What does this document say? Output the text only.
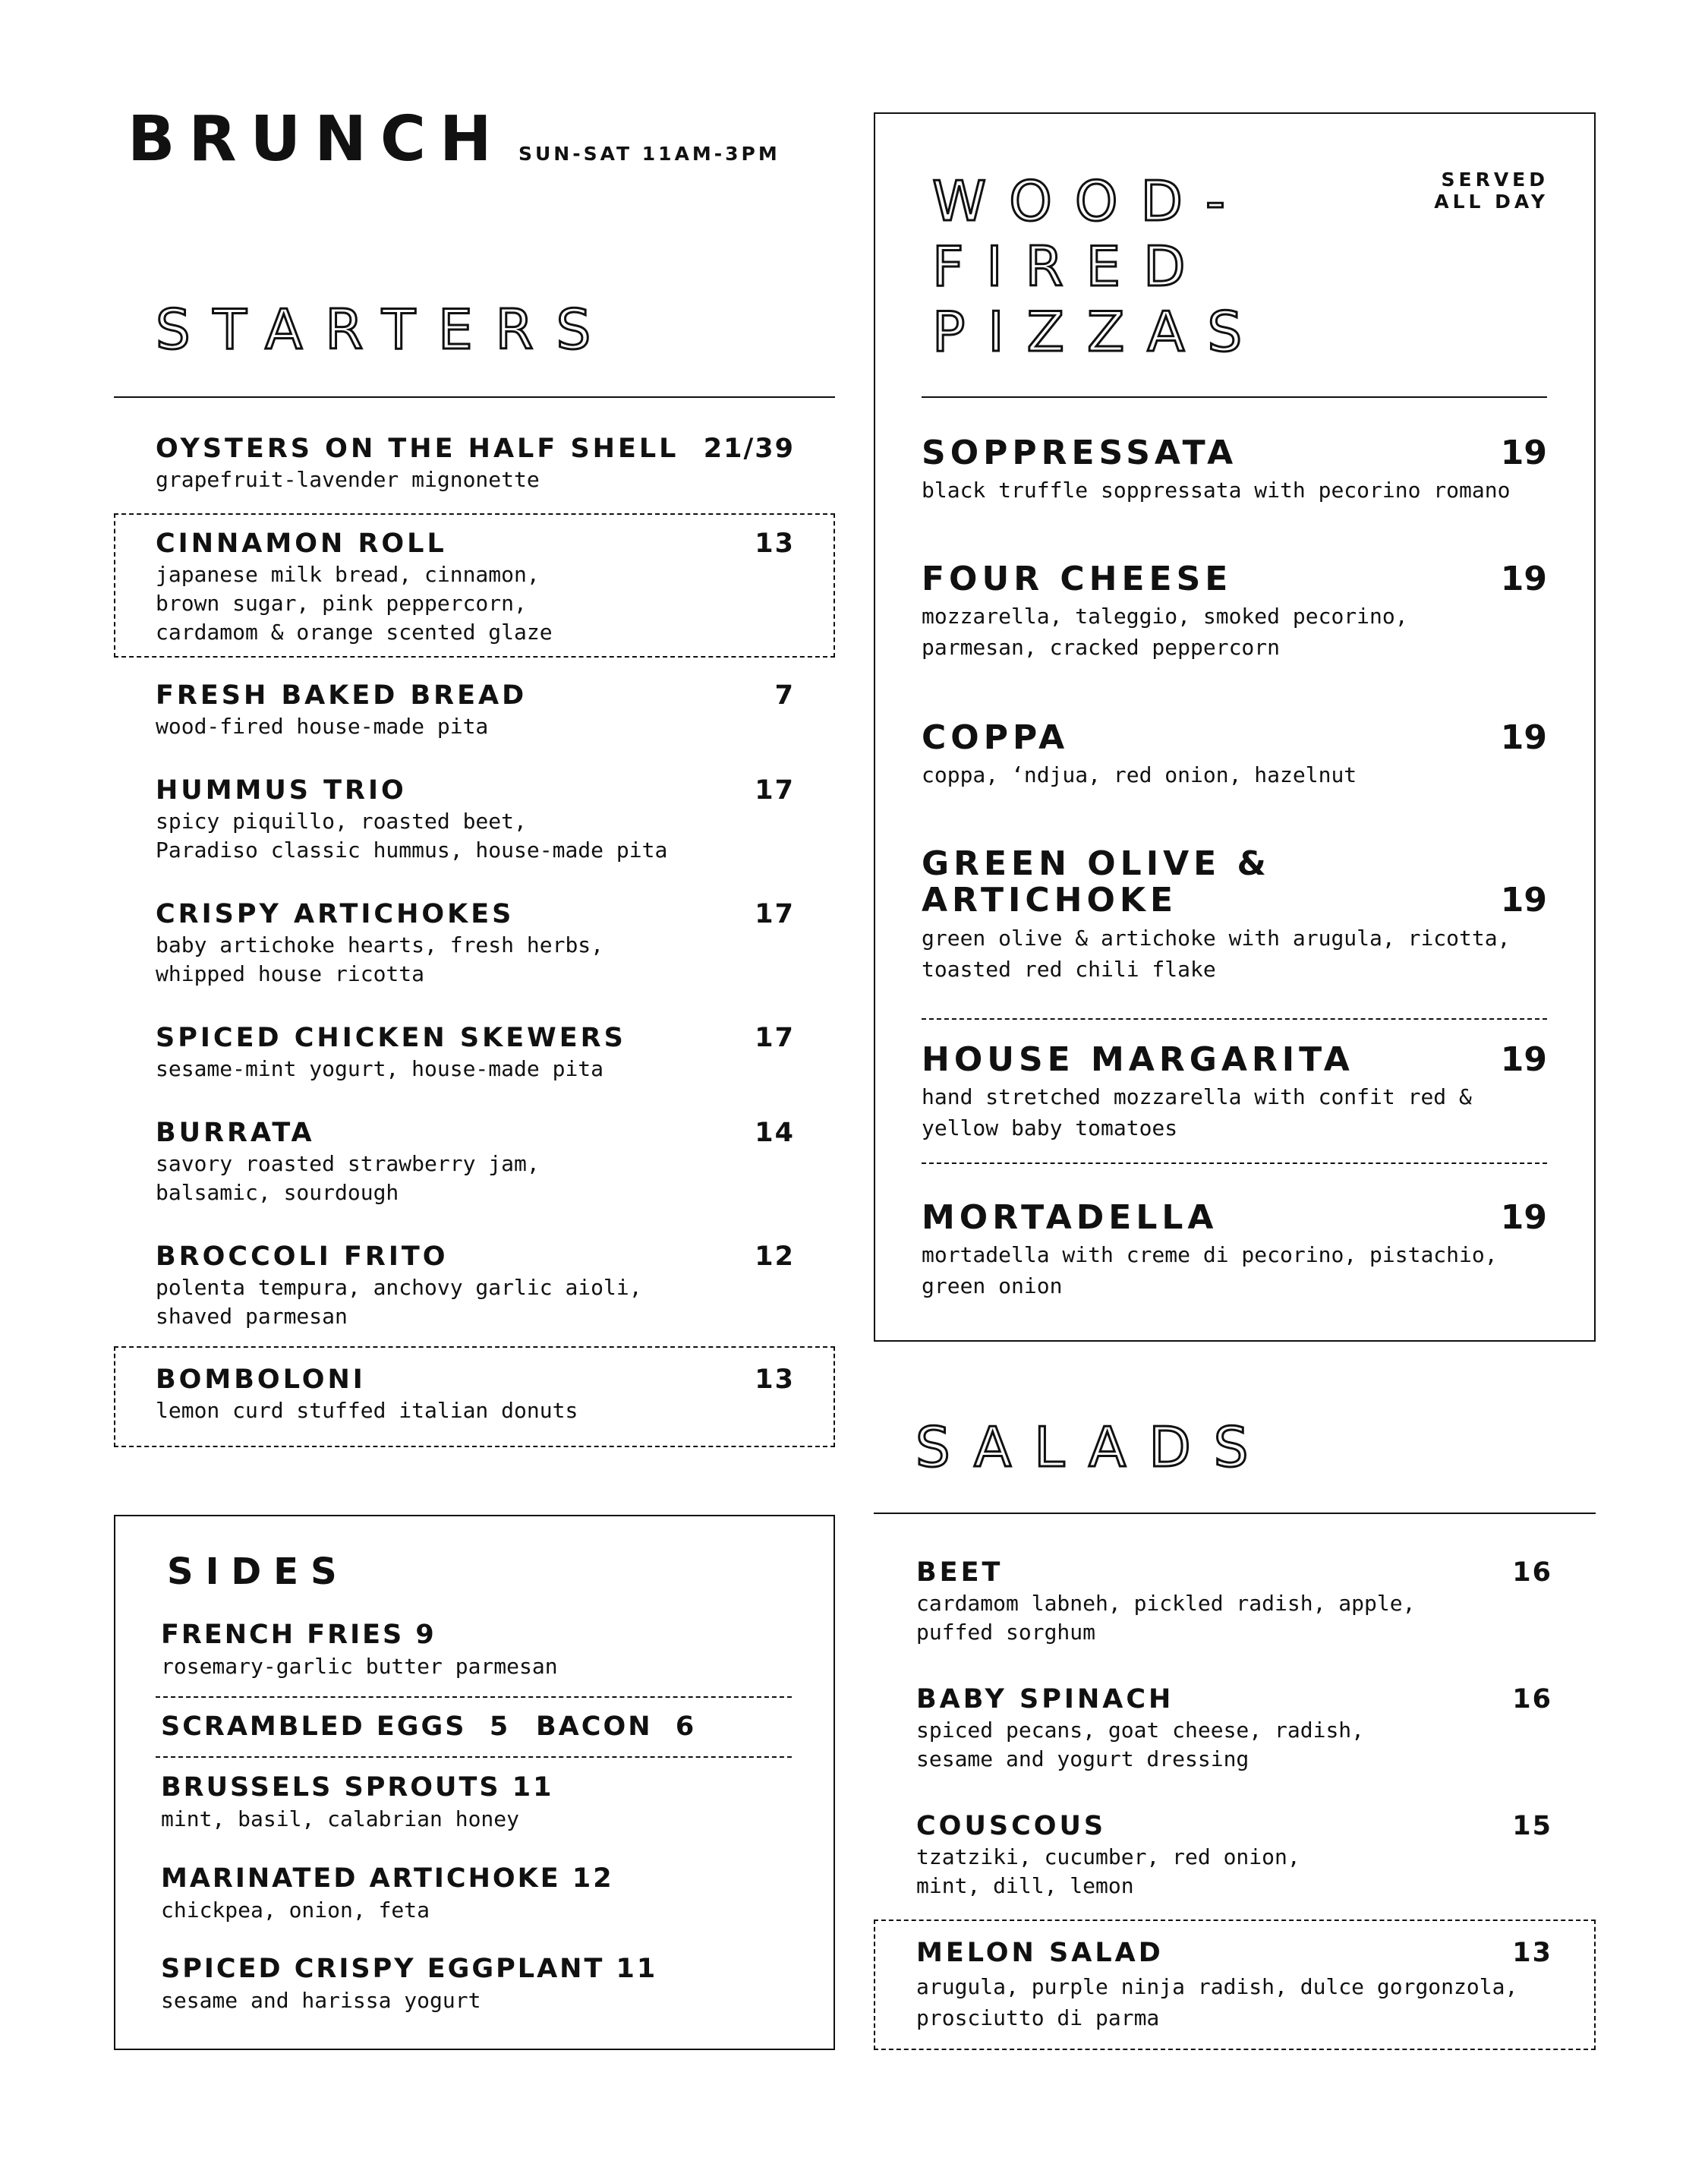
BRUNCH SUN-SAT 11AM-3PM
STARTERS
OYSTERS ON THE HALF SHELL 21/39
grapefruit-lavender mignonette
CINNAMON ROLL	13
japanese milk bread, cinnamon,
brown sugar, pink peppercorn,
cardamom & orange scented glaze
FRESH BAKED BREAD	7
wood-fired house-made pita
HUMMUS TRIO	17
spicy piquillo, roasted beet,
Paradiso classic hummus, house-made pita
CRISPY ARTICHOKES	17
baby artichoke hearts, fresh herbs,
whipped house ricotta
SPICED CHICKEN SKEWERS	17
sesame-mint yogurt, house-made pita
BURRATA	14
savory roasted strawberry jam,
balsamic, sourdough
BROCCOLI FRITO	12
polenta tempura, anchovy garlic aioli,
shaved parmesan
BOMBOLONI	13
lemon curd stuffed italian donuts
SIDES
FRENCH FRIES 9
rosemary-garlic butter parmesan
SCRAMBLED EGGS  5 BACON  6
BRUSSELS SPROUTS 11
mint, basil, calabrian honey
MARINATED ARTICHOKE 12
chickpea, onion, feta
SPICED CRISPY EGGPLANT 11
sesame and harissa yogurt
WOOD-
FIRED
PIZZAS
SERVED
ALL DAY
SOPPRESSATA	19
black truffle soppressata with pecorino romano
FOUR CHEESE	19
mozzarella, taleggio, smoked pecorino,
parmesan, cracked peppercorn
COPPA	19
coppa, ‘ndjua, red onion, hazelnut
GREEN OLIVE &
ARTICHOKE	19
green olive & artichoke with arugula, ricotta,
toasted red chili flake
HOUSE MARGARITA	19
hand stretched mozzarella with confit red &
yellow baby tomatoes
MORTADELLA	19
mortadella with creme di pecorino, pistachio,
green onion
SALADS
BEET	16
cardamom labneh, pickled radish, apple,
puffed sorghum
BABY SPINACH	16
spiced pecans, goat cheese, radish,
sesame and yogurt dressing
COUSCOUS	15
tzatziki, cucumber, red onion,
mint, dill, lemon
MELON SALAD	13
arugula, purple ninja radish, dulce gorgonzola,
prosciutto di parma
